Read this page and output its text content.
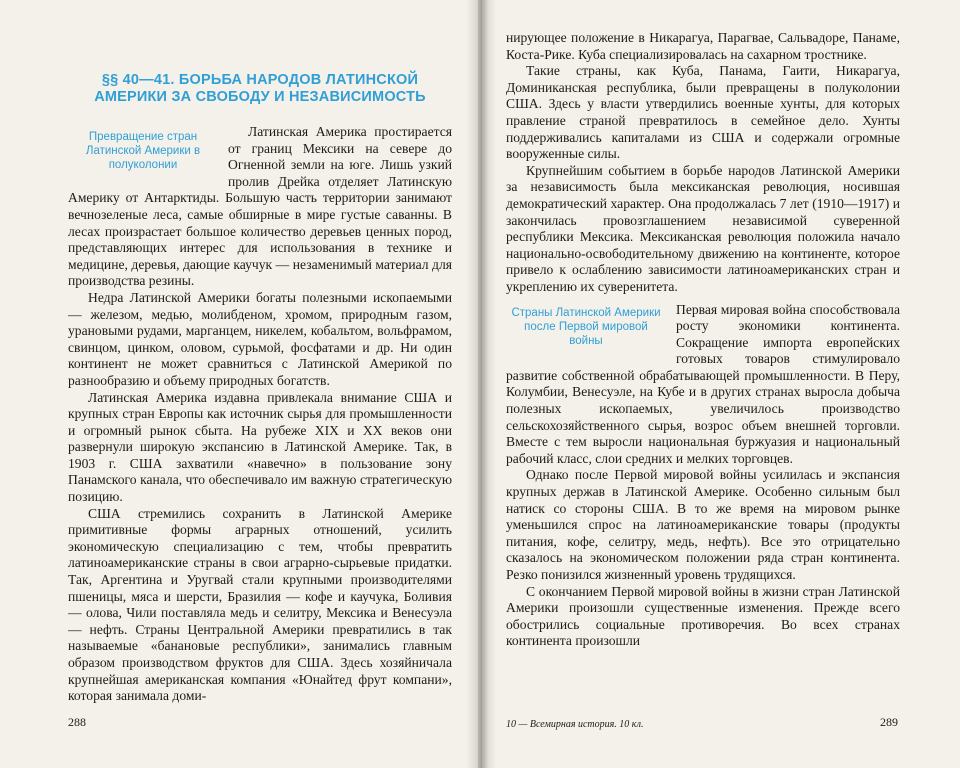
§§ 40—41. БОРЬБА НАРОДОВ ЛАТИНСКОЙ АМЕРИКИ ЗА СВОБОДУ И НЕЗАВИСИМОСТЬ
Превращение стран Латинской Америки в полуколонии

Латинская Америка простирается от границ Мексики на севере до Огненной земли на юге. Лишь узкий пролив Дрейка отделяет Латинскую Америку от Антарктиды. Большую часть территории занимают вечнозеленые леса, самые обширные в мире густые саванны. В лесах произрастает большое количество деревьев ценных пород, представляющих интерес для использования в технике и медицине, деревья, дающие каучук — незаменимый материал для производства резины.

Недра Латинской Америки богаты полезными ископаемыми — железом, медью, молибденом, хромом, природным газом, урановыми рудами, марганцем, никелем, кобальтом, вольфрамом, свинцом, цинком, оловом, сурьмой, фосфатами и др. Ни один континент не может сравниться с Латинской Америкой по разнообразию и объему природных богатств.

Латинская Америка издавна привлекала внимание США и крупных стран Европы как источник сырья для промышленности и огромный рынок сбыта. На рубеже XIX и XX веков они развернули широкую экспансию в Латинской Америке. Так, в 1903 г. США захватили «навечно» в пользование зону Панамского канала, что обеспечивало им важную стратегическую позицию.

США стремились сохранить в Латинской Америке примитивные формы аграрных отношений, усилить экономическую специализацию с тем, чтобы превратить латиноамериканские страны в свои аграрно-сырьевые придатки. Так, Аргентина и Уругвай стали крупными производителями пшеницы, мяса и шерсти, Бразилия — кофе и каучука, Боливия — олова, Чили поставляла медь и селитру, Мексика и Венесуэла — нефть. Страны Центральной Америки превратились в так называемые «банановые республики», занимались главным образом производством фруктов для США. Здесь хозяйничала крупнейшая американская компания «Юнайтед фрут компани», которая занимала доми-

288

нирующее положение в Никарагуа, Парагвае, Сальвадоре, Панаме, Коста-Рике. Куба специализировалась на сахарном тростнике.

Такие страны, как Куба, Панама, Гаити, Никарагуа, Доминиканская республика, были превращены в полуколонии США. Здесь у власти утвердились военные хунты, для которых правление страной превратилось в семейное дело. Хунты поддерживались капиталами из США и содержали огромные вооруженные силы.

Крупнейшим событием в борьбе народов Латинской Америки за независимость была мексиканская революция, носившая демократический характер. Она продолжалась 7 лет (1910—1917) и закончилась провозглашением независимой суверенной республики Мексика. Мексиканская революция положила начало национально-освободительному движению на континенте, которое привело к ослаблению зависимости латиноамериканских стран и укреплению их суверенитета.

Страны Латинской Америки после Первой мировой войны

Первая мировая война способствовала росту экономики континента. Сокращение импорта европейских готовых товаров стимулировало развитие собственной обрабатывающей промышленности. В Перу, Колумбии, Венесуэле, на Кубе и в других странах выросла добыча полезных ископаемых, увеличилось производство сельскохозяйственного сырья, возрос объем внешней торговли. Вместе с тем выросли национальная буржуазия и национальный рабочий класс, слои средних и мелких торговцев.

Однако после Первой мировой войны усилилась и экспансия крупных держав в Латинской Америке. Особенно сильным был натиск со стороны США. В то же время на мировом рынке уменьшился спрос на латиноамериканские товары (продукты питания, кофе, селитру, медь, нефть). Все это отрицательно сказалось на экономическом положении ряда стран континента. Резко понизился жизненный уровень трудящихся.

С окончанием Первой мировой войны в жизни стран Латинской Америки произошли существенные изменения. Прежде всего обострились социальные противоречия. Во всех странах континента произошли

10 — Всемирная история. 10 кл.	289
